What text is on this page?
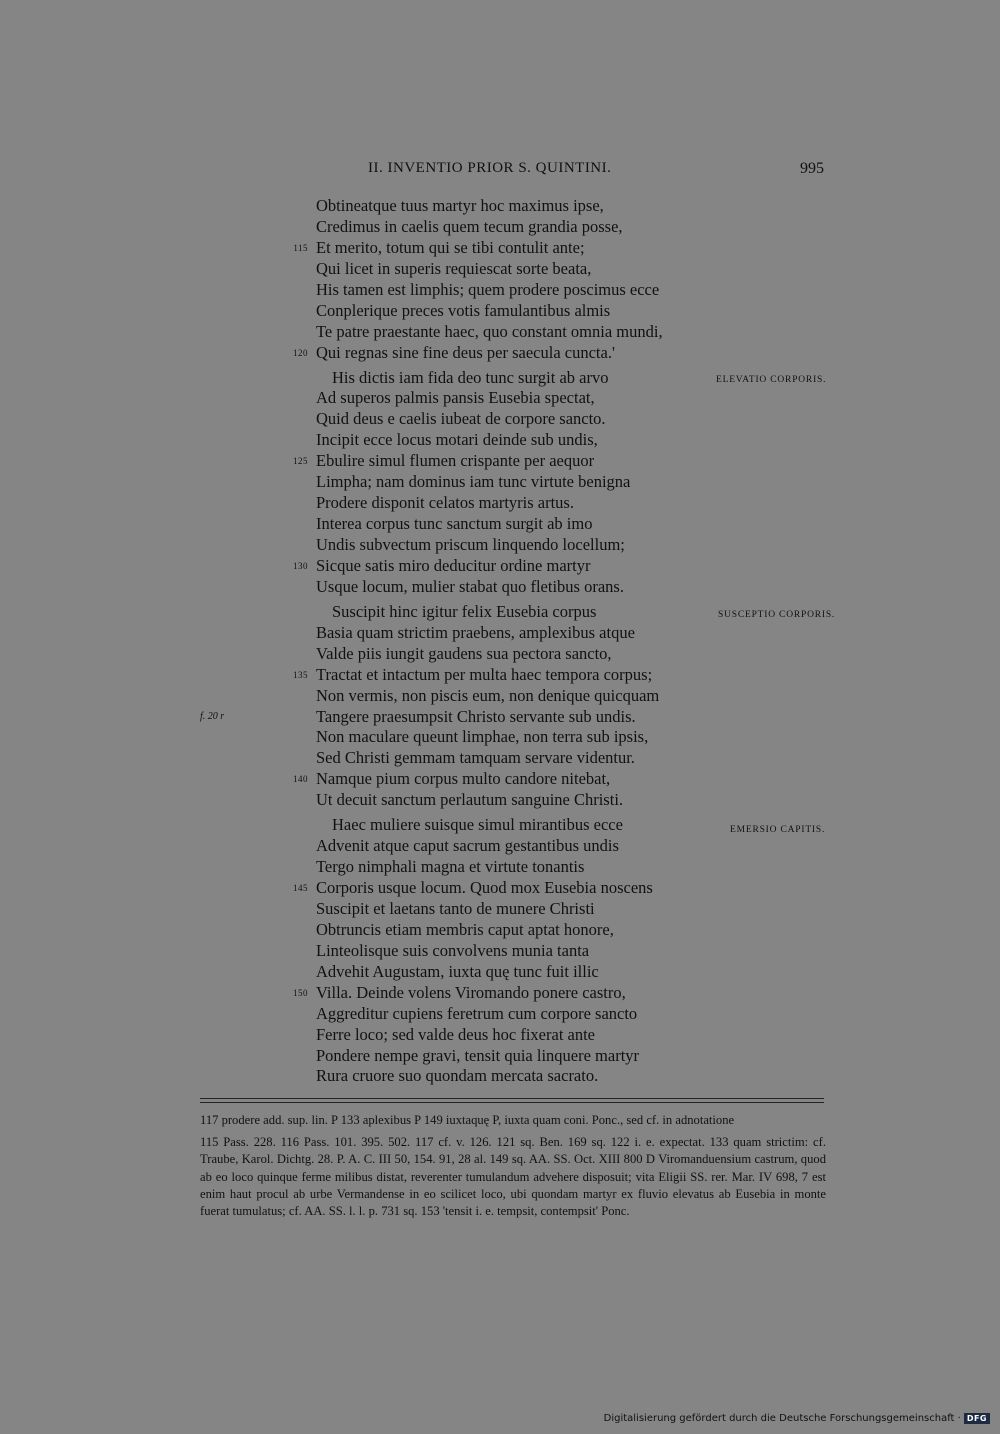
II. INVENTIO PRIOR S. QUINTINI.	995
Obtineatque tuus martyr hoc maximus ipse,
Credimus in caelis quem tecum grandia posse,
115 Et merito, totum qui se tibi contulit ante;
Qui licet in superis requiescat sorte beata,
His tamen est limphis; quem prodere poscimus ecce
Conplerique preces votis famulantibus almis
Te patre praestante haec, quo constant omnia mundi,
120 Qui regnas sine fine deus per saecula cuncta.'
His dictis iam fida deo tunc surgit ab arvo
Ad superos palmis pansis Eusebia spectat,
Quid deus e caelis iubeat de corpore sancto.
Incipit ecce locus motari deinde sub undis,
125 Ebulire simul flumen crispante per aequor
Limpha; nam dominus iam tunc virtute benigna
Prodere disponit celatos martyris artus.
Interea corpus tunc sanctum surgit ab imo
Undis subvectum priscum linquendo locellum;
130 Sicque satis miro deducitur ordine martyr
Usque locum, mulier stabat quo fletibus orans.
Suscipit hinc igitur felix Eusebia corpus
Basia quam strictim praebens, amplexibus atque
Valde piis iungit gaudens sua pectora sancto,
135 Tractat et intactum per multa haec tempora corpus;
Non vermis, non piscis eum, non denique quicquam
Tangere praesumpsit Christo servante sub undis.
f. 20 r
Non maculare queunt limphae, non terra sub ipsis,
Sed Christi gemmam tamquam servare videntur.
140 Namque pium corpus multo candore nitebat,
Ut decuit sanctum perlautum sanguine Christi.
Haec muliere suisque simul mirantibus ecce
Advenit atque caput sacrum gestantibus undis
Tergo nimphali magna et virtute tonantis
145 Corporis usque locum. Quod mox Eusebia noscens
Suscipit et laetans tanto de munere Christi
Obtruncis etiam membris caput aptat honore,
Linteolisque suis convolvens munia tanta
Advehit Augustam, iuxta quę tunc fuit illic
150 Villa. Deinde volens Viromando ponere castro,
Aggreditur cupiens feretrum cum corpore sancto
Ferre loco; sed valde deus hoc fixerat ante
Pondere nempe gravi, tensit quia linquere martyr
Rura cruore suo quondam mercata sacrato.
ELEVATIO CORPORIS.
SUSCEPTIO CORPORIS.
EMERSIO CAPITIS.

117 prodere add. sup. lin. P 133 aplexibus P 149 iuxtaquę P, iuxta quam coni. Ponc., sed cf. in adnotatione

115 Pass. 228. 116 Pass. 101. 395. 502. 117 cf. v. 126. 121 sq. Ben. 169 sq. 122 i. e. expectat. 133 quam strictim: cf. Traube, Karol. Dichtg. 28. P. A. C. III 50, 154. 91, 28 al. 149 sq. AA. SS. Oct. XIII 800 D Viromanduensium castrum, quod ab eo loco quinque ferme milibus distat, reverenter tumulandum advehere disposuit; vita Eligii SS. rer. Mar. IV 698, 7 est enim haut procul ab urbe Vermandense in eo scilicet loco, ubi quondam martyr ex fluvio elevatus ab Eusebia in monte fuerat tumulatus; cf. AA. SS. l. l. p. 731 sq. 153 'tensit i. e. tempsit, contempsit' Ponc.

Digitalisierung gefördert durch die Deutsche Forschungsgemeinschaft · DFG
